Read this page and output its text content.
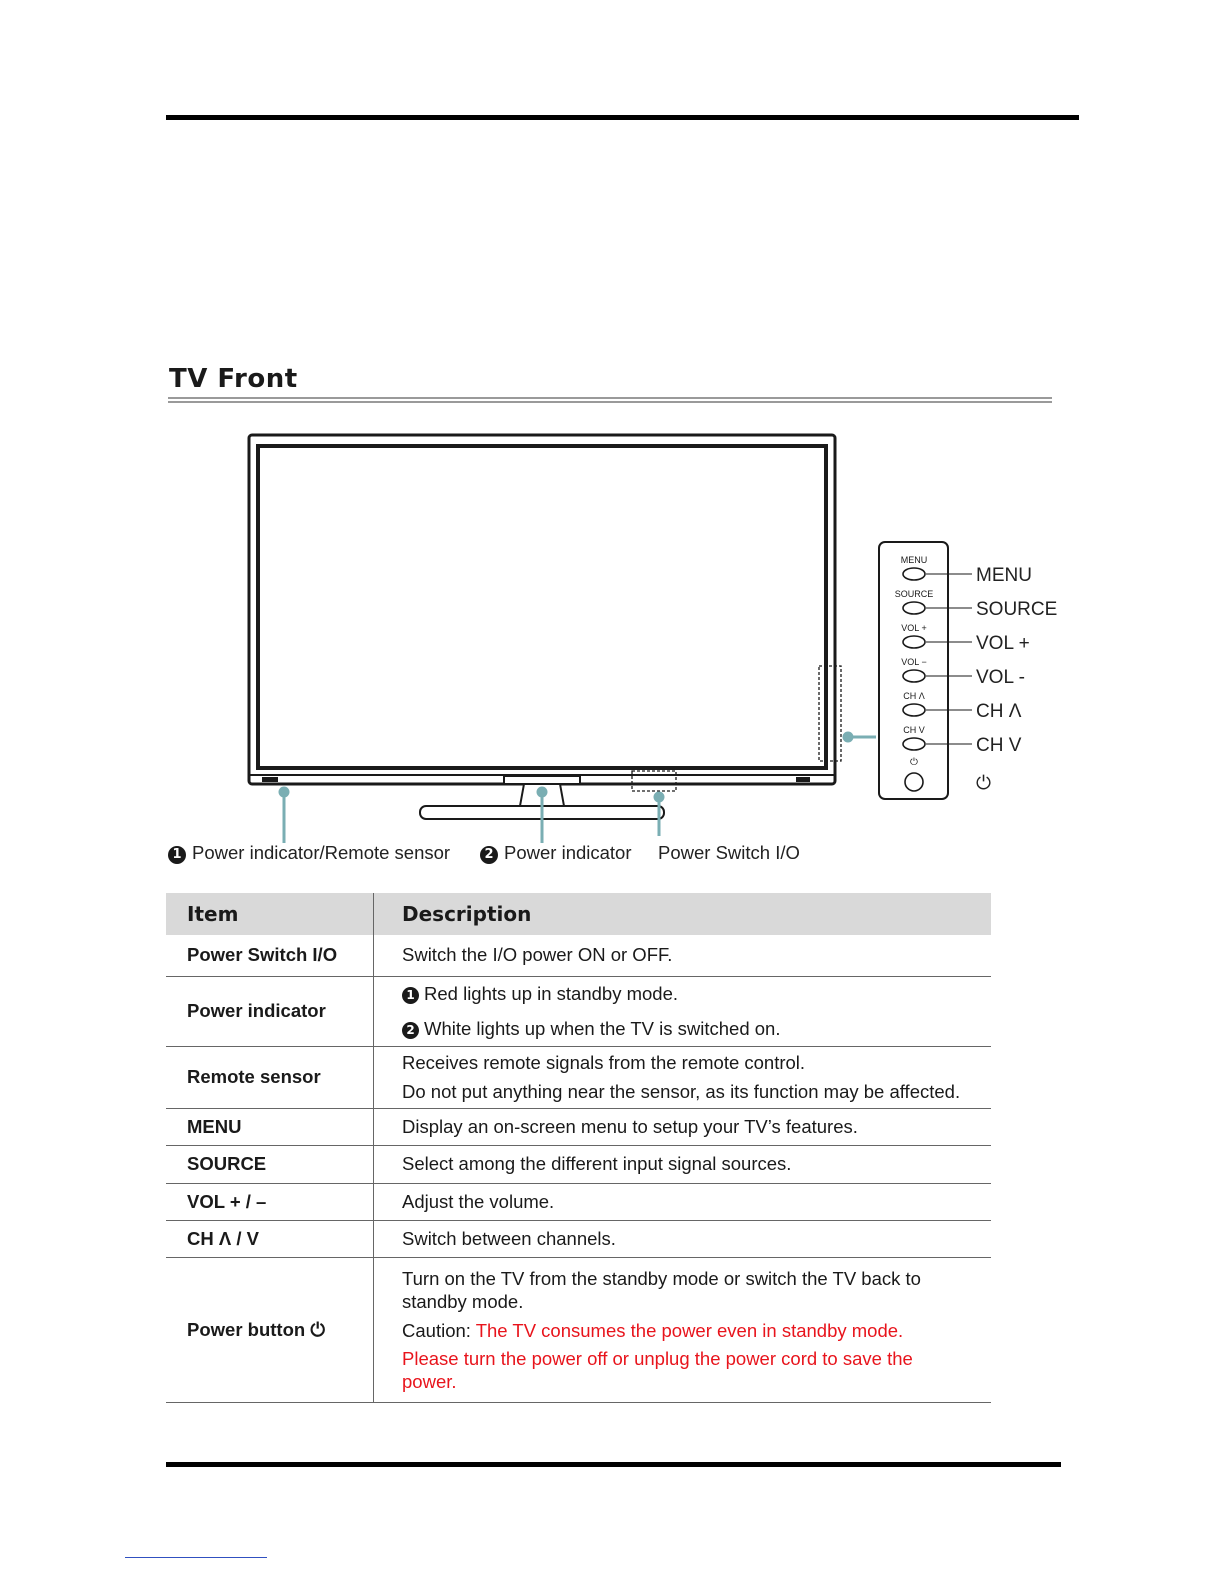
TV Front
MENU
MENU
SOURCE
SOURCE
VOL +
VOL +
VOL −
VOL -
CH Λ
CH Λ
CH V
CH V
⏻
⏻
1 Power indicator/Remote sensor	2 Power indicator Power Switch I/O
Item	Description
Power Switch I/O	Switch the I/O power ON or OFF.
Power indicator	1 Red lights up in standby mode.
2 White lights up when the TV is switched on.

Remote sensor	Receives remote signals from the remote control.
Do not put anything near the sensor, as its function may be affected.

MENU	Display an on-screen menu to setup your TV’s features.
SOURCE	Select among the different input signal sources.
VOL + / –	Adjust the volume.
CH Λ / V	Switch between channels.
Power button ⏻	Turn on the TV from the standby mode or switch the TV back to standby mode.
Caution: The TV consumes the power even in standby mode.
Please turn the power off or unplug the power cord to save the power.
